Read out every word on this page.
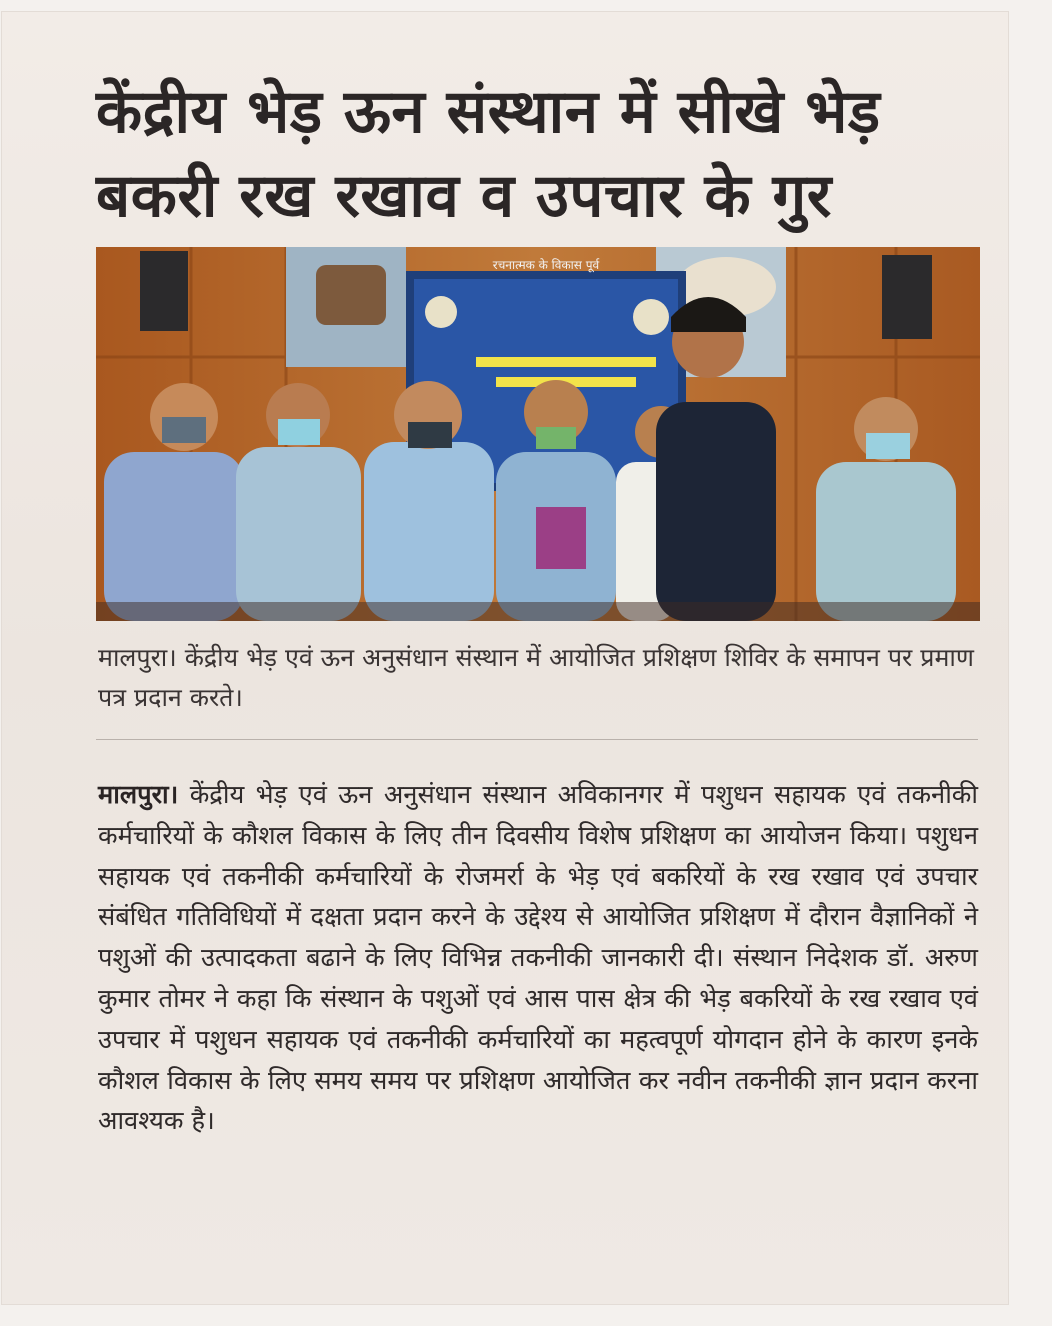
केंद्रीय भेड़ ऊन संस्थान में सीखे भेड़ बकरी रख रखाव व उपचार के गुर
रचनात्मक के विकास पूर्व
मालपुरा। केंद्रीय भेड़ एवं ऊन अनुसंधान संस्थान में आयोजित प्रशिक्षण शिविर के समापन पर प्रमाण पत्र प्रदान करते।
मालपुरा। केंद्रीय भेड़ एवं ऊन अनुसंधान संस्थान अविकानगर में पशुधन सहायक एवं तकनीकी कर्मचारियों के कौशल विकास के लिए तीन दिवसीय विशेष प्रशिक्षण का आयोजन किया। पशुधन सहायक एवं तकनीकी कर्मचारियों के रोजमर्रा के भेड़ एवं बकरियों के रख रखाव एवं उपचार संबंधित गतिविधियों में दक्षता प्रदान करने के उद्देश्य से आयोजित प्रशिक्षण में दौरान वैज्ञानिकों ने पशुओं की उत्पादकता बढाने के लिए विभिन्न तकनीकी जानकारी दी। संस्थान निदेशक डॉ. अरुण कुमार तोमर ने कहा कि संस्थान के पशुओं एवं आस पास क्षेत्र की भेड़ बकरियों के रख रखाव एवं उपचार में पशुधन सहायक एवं तकनीकी कर्मचारियों का महत्वपूर्ण योगदान होने के कारण इनके कौशल विकास के लिए समय समय पर प्रशिक्षण आयोजित कर नवीन तकनीकी ज्ञान प्रदान करना आवश्यक है।
